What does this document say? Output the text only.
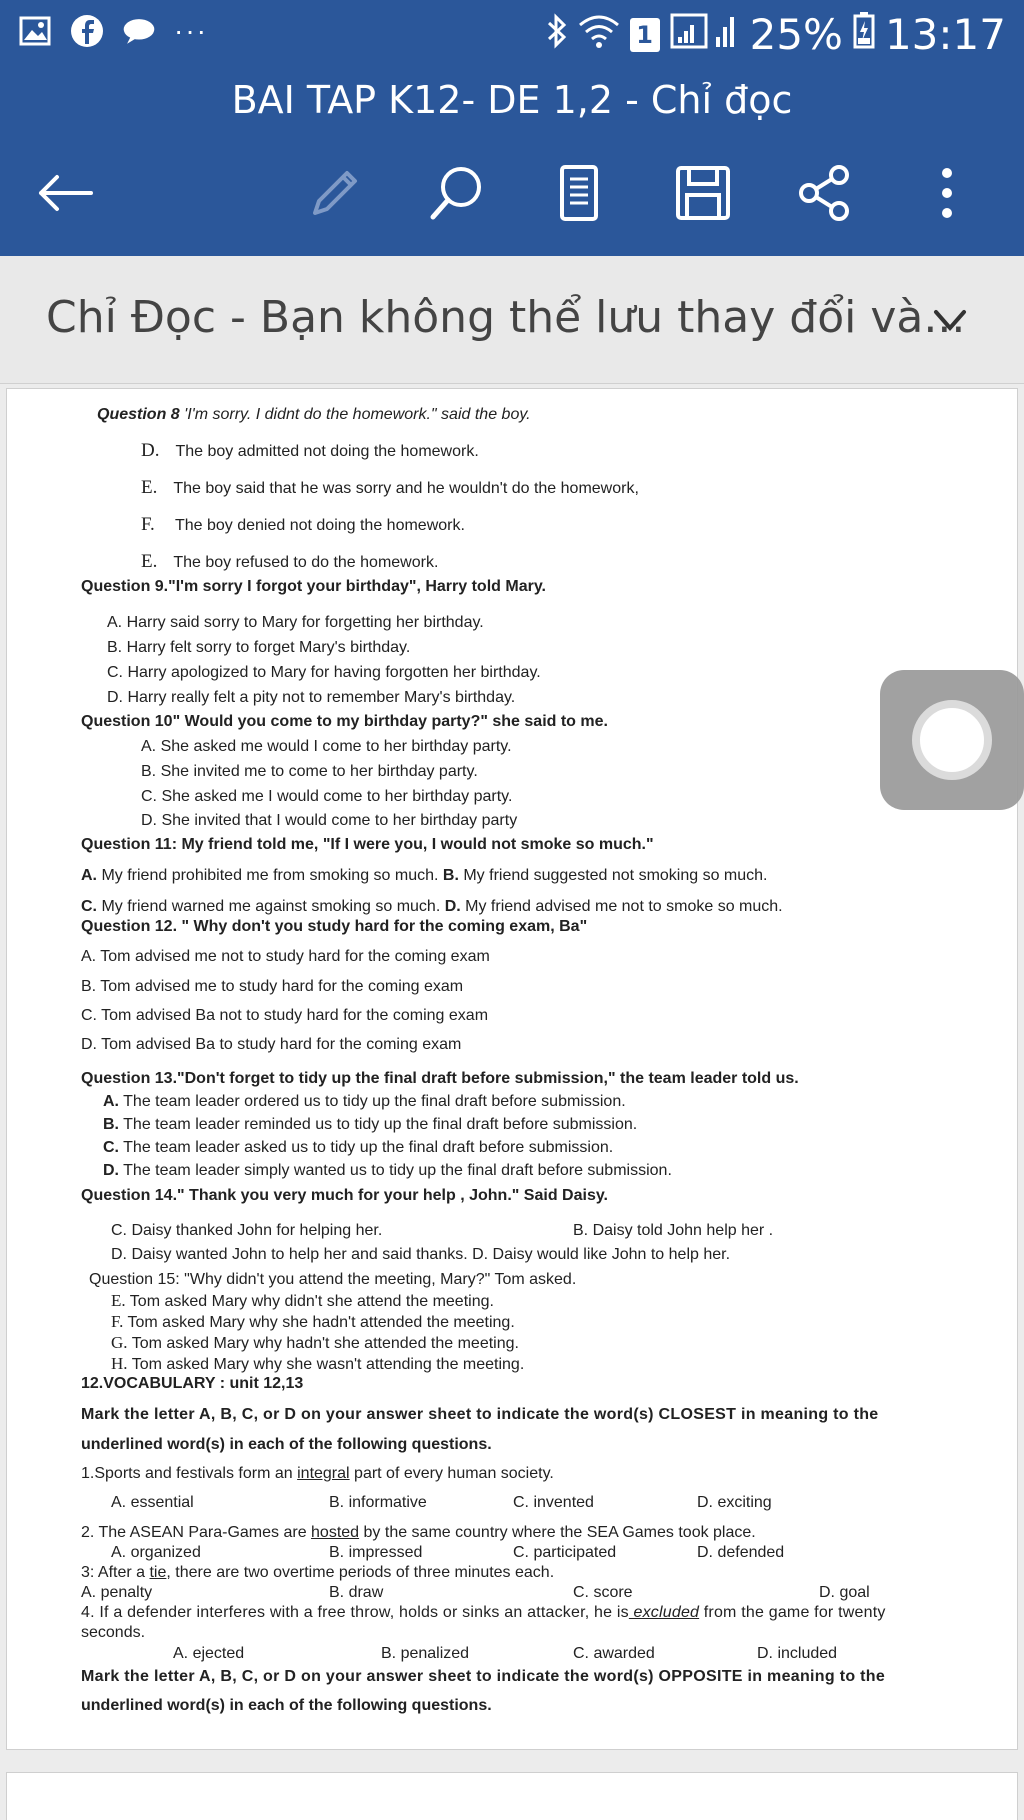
···	1 25% 13:17
BAI TAP K12- DE 1,2 - Chỉ đọc
Chỉ Đọc - Bạn không thể lưu thay đổi và...
Question 8 'I'm sorry. I didnt do the homework." said the boy.
D. The boy admitted not doing the homework.
E. The boy said that he was sorry and he wouldn't do the homework,
F. The boy denied not doing the homework.
E. The boy refused to do the homework.
Question 9."I'm sorry I forgot your birthday", Harry told Mary.
A. Harry said sorry to Mary for forgetting her birthday.
B. Harry felt sorry to forget Mary's birthday.
C. Harry apologized to Mary for having forgotten her birthday.
D. Harry really felt a pity not to remember Mary's birthday.
Question 10" Would you come to my birthday party?" she said to me.
A. She asked me would I come to her birthday party.
B. She invited me to come to her birthday party.
C. She asked me I would come to her birthday party.
D. She invited that I would come to her birthday party
Question 11: My friend told me, "If I were you, I would not smoke so much."
A. My friend prohibited me from smoking so much. B. My friend suggested not smoking so much.
C. My friend warned me against smoking so much. D. My friend advised me not to smoke so much.
Question 12. " Why don't you study hard for the coming exam, Ba"
A. Tom advised me not to study hard for the coming exam
B. Tom advised me to study hard for the coming exam
C. Tom advised Ba not to study hard for the coming exam
D. Tom advised Ba to study hard for the coming exam
Question 13."Don't forget to tidy up the final draft before submission," the team leader told us.
A. The team leader ordered us to tidy up the final draft before submission.
B. The team leader reminded us to tidy up the final draft before submission.
C. The team leader asked us to tidy up the final draft before submission.
D. The team leader simply wanted us to tidy up the final draft before submission.
Question 14." Thank you very much for your help , John." Said Daisy.
C. Daisy thanked John for helping her.	B. Daisy told John help her .
D. Daisy wanted John to help her and said thanks. D. Daisy would like John to help her.
Question 15: "Why didn't you attend the meeting, Mary?" Tom asked.
E. Tom asked Mary why didn't she attend the meeting.
F. Tom asked Mary why she hadn't attended the meeting.
G. Tom asked Mary why hadn't she attended the meeting.
H. Tom asked Mary why she wasn't attending the meeting.
12.VOCABULARY : unit 12,13
Mark the letter A, B, C, or D on your answer sheet to indicate the word(s) CLOSEST in meaning to the
underlined word(s) in each of the following questions.
1.Sports and festivals form an integral part of every human society.
A. essential	B. informative	C. invented	D. exciting
2. The ASEAN Para-Games are hosted by the same country where the SEA Games took place.
A. organized	B. impressed	C. participated	D. defended
3: After a tie, there are two overtime periods of three minutes each.
A. penalty	B. draw	C. score	D. goal
4. If a defender interferes with a free throw, holds or sinks an attacker, he is excluded from the game for twenty
seconds.
A. ejected	B. penalized	C. awarded	D. included
Mark the letter A, B, C, or D on your answer sheet to indicate the word(s) OPPOSITE in meaning to the
underlined word(s) in each of the following questions.
